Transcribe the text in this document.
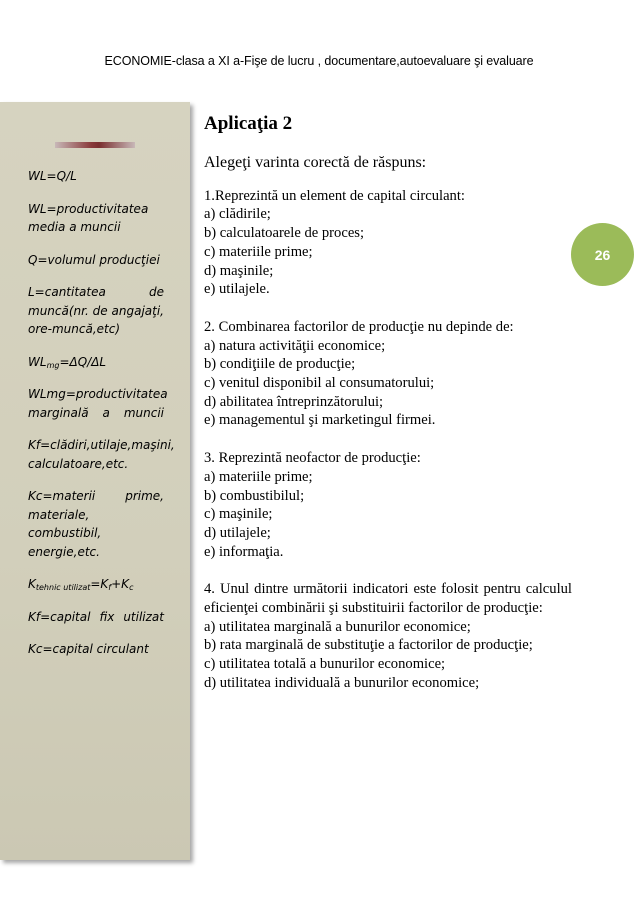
ECONOMIE-clasa a XI a-Fişe de lucru , documentare,autoevaluare şi evaluare
WL=Q/L
WL=productivitatea media a muncii
Q=volumul producţiei
L=cantitatea de muncă(nr. de angajaţi, ore-muncă,etc)
$WL_{mg}=\Delta Q/\Delta L$
WLmg=productivitatea marginală a muncii
Kf=clădiri,utilaje,maşini, calculatoare,etc.
Kc=materii prime, materiale, combustibil, energie,etc.
$K_{tehnic utilizat}=K_f+K_c$
Kf=capital fix utilizat
Kc=capital circulant
26
Aplicaţia 2
Alegeţi varinta corectă de răspuns:
1.Reprezintă un element de capital circulant:
a) clădirile;
b) calculatoarele de proces;
c) materiile prime;
d) maşinile;
e) utilajele.
2. Combinarea factorilor de producţie nu depinde de:
a) natura activităţii economice;
b) condiţiile de producţie;
c) venitul disponibil al consumatorului;
d) abilitatea întreprinzătorului;
e) managementul şi marketingul firmei.
3. Reprezintă neofactor de producţie:
a) materiile prime;
b) combustibilul;
c) maşinile;
d) utilajele;
e) informaţia.
4. Unul dintre următorii indicatori este folosit pentru calculul eficienţei combinării şi substituirii factorilor de producţie:
a) utilitatea marginală a bunurilor economice;
b) rata marginală de substituţie a factorilor de producţie;
c) utilitatea totală a bunurilor economice;
d) utilitatea individuală a bunurilor economice;
